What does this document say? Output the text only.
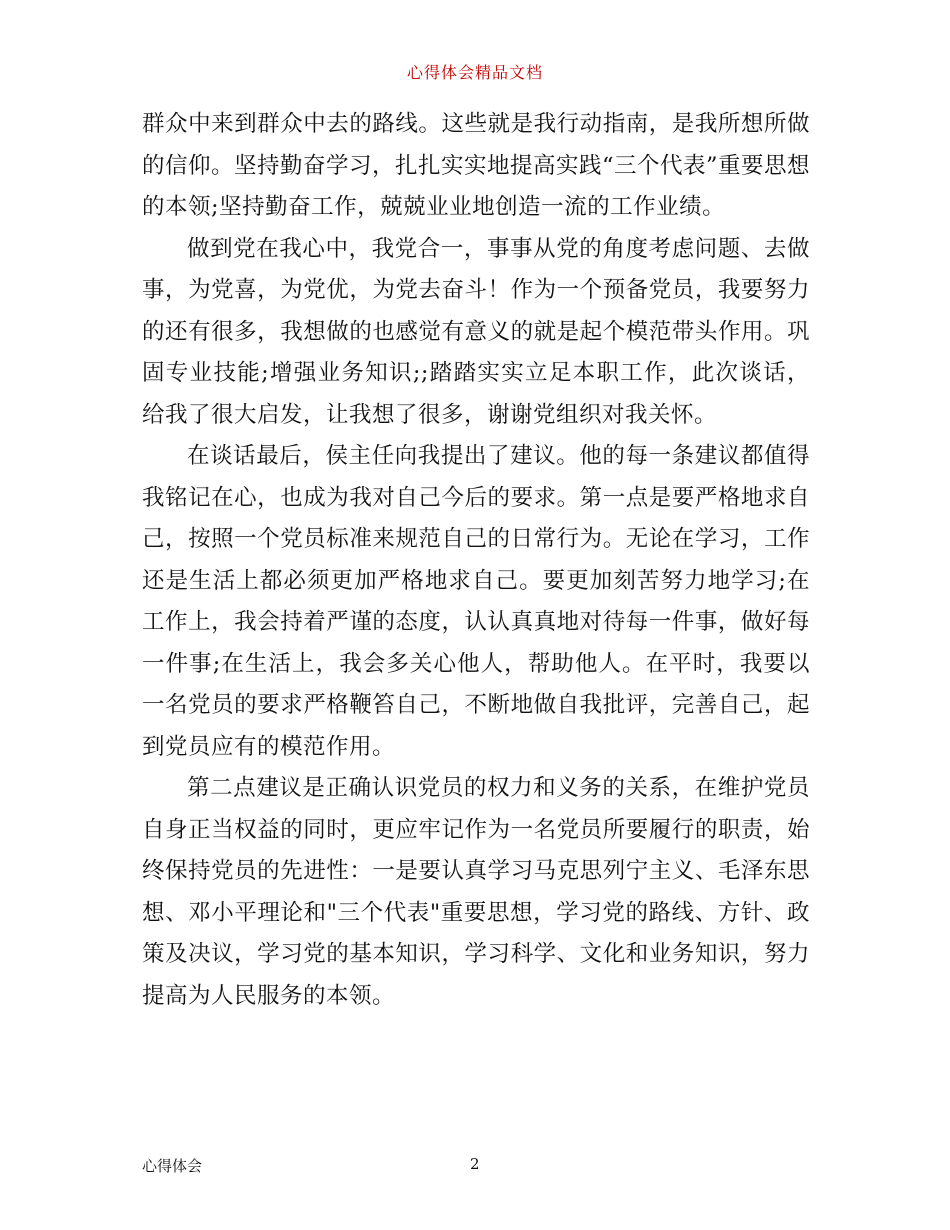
心得体会精品文档

群众中来到群众中去的路线。这些就是我行动指南，是我所想所做的信仰。坚持勤奋学习，扎扎实实地提高实践“三个代表”重要思想的本领;坚持勤奋工作，兢兢业业地创造一流的工作业绩。

做到党在我心中，我党合一，事事从党的角度考虑问题、去做事，为党喜，为党优，为党去奋斗！作为一个预备党员，我要努力的还有很多，我想做的也感觉有意义的就是起个模范带头作用。巩固专业技能;增强业务知识;;踏踏实实立足本职工作，此次谈话，给我了很大启发，让我想了很多，谢谢党组织对我关怀。

在谈话最后，侯主任向我提出了建议。他的每一条建议都值得我铭记在心，也成为我对自己今后的要求。第一点是要严格地求自己，按照一个党员标准来规范自己的日常行为。无论在学习，工作还是生活上都必须更加严格地求自己。要更加刻苦努力地学习;在工作上，我会持着严谨的态度，认认真真地对待每一件事，做好每一件事;在生活上，我会多关心他人，帮助他人。在平时，我要以一名党员的要求严格鞭笞自己，不断地做自我批评，完善自己，起到党员应有的模范作用。

第二点建议是正确认识党员的权力和义务的关系，在维护党员自身正当权益的同时，更应牢记作为一名党员所要履行的职责，始终保持党员的先进性：一是要认真学习马克思列宁主义、毛泽东思想、邓小平理论和"三个代表"重要思想，学习党的路线、方针、政策及决议，学习党的基本知识，学习科学、文化和业务知识，努力提高为人民服务的本领。

心得体会	2
